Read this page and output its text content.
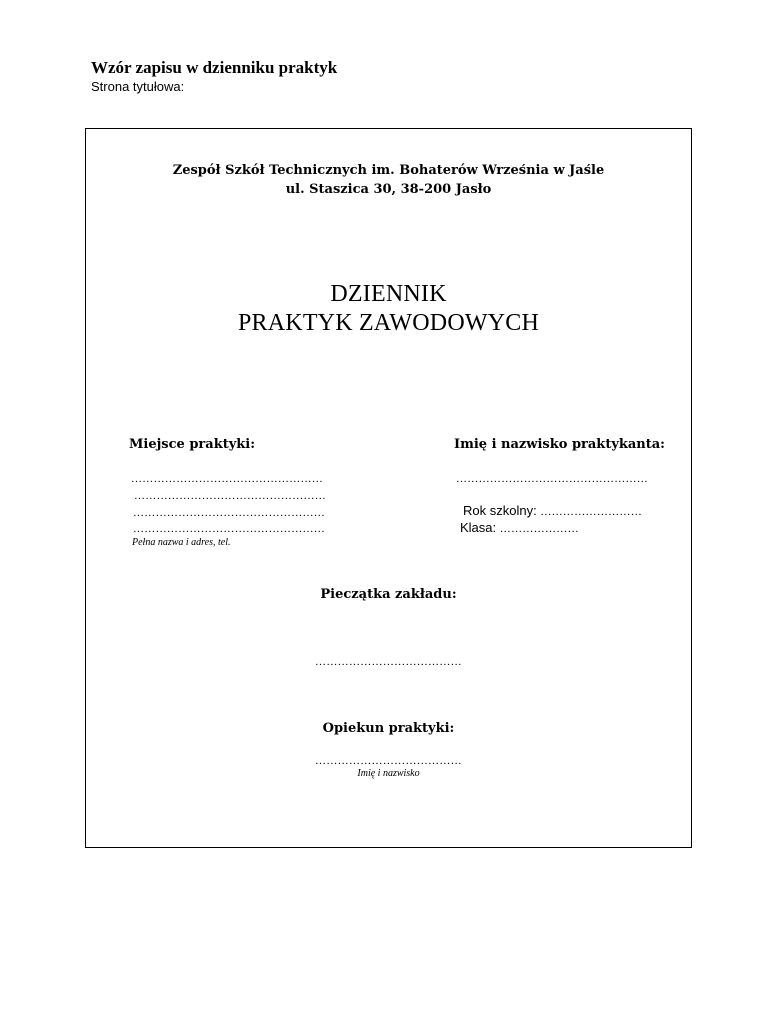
Wzór zapisu w dzienniku praktyk
Strona tytułowa:
Zespół Szkół Technicznych im. Bohaterów Września w Jaśle
ul. Staszica 30, 38-200 Jasło
DZIENNIK
PRAKTYK ZAWODOWYCH
Miejsce praktyki:
……………………………………………
……………………………………………
……………………………………………
……………………………………………
Pełna nazwa i adres, tel.
Imię i nazwisko praktykanta:
……………………………………………
Rok szkolny: ………………………
Klasa: …………………
Pieczątka zakładu:
…………………………………
Opiekun praktyki:
…………………………………
Imię i nazwisko
